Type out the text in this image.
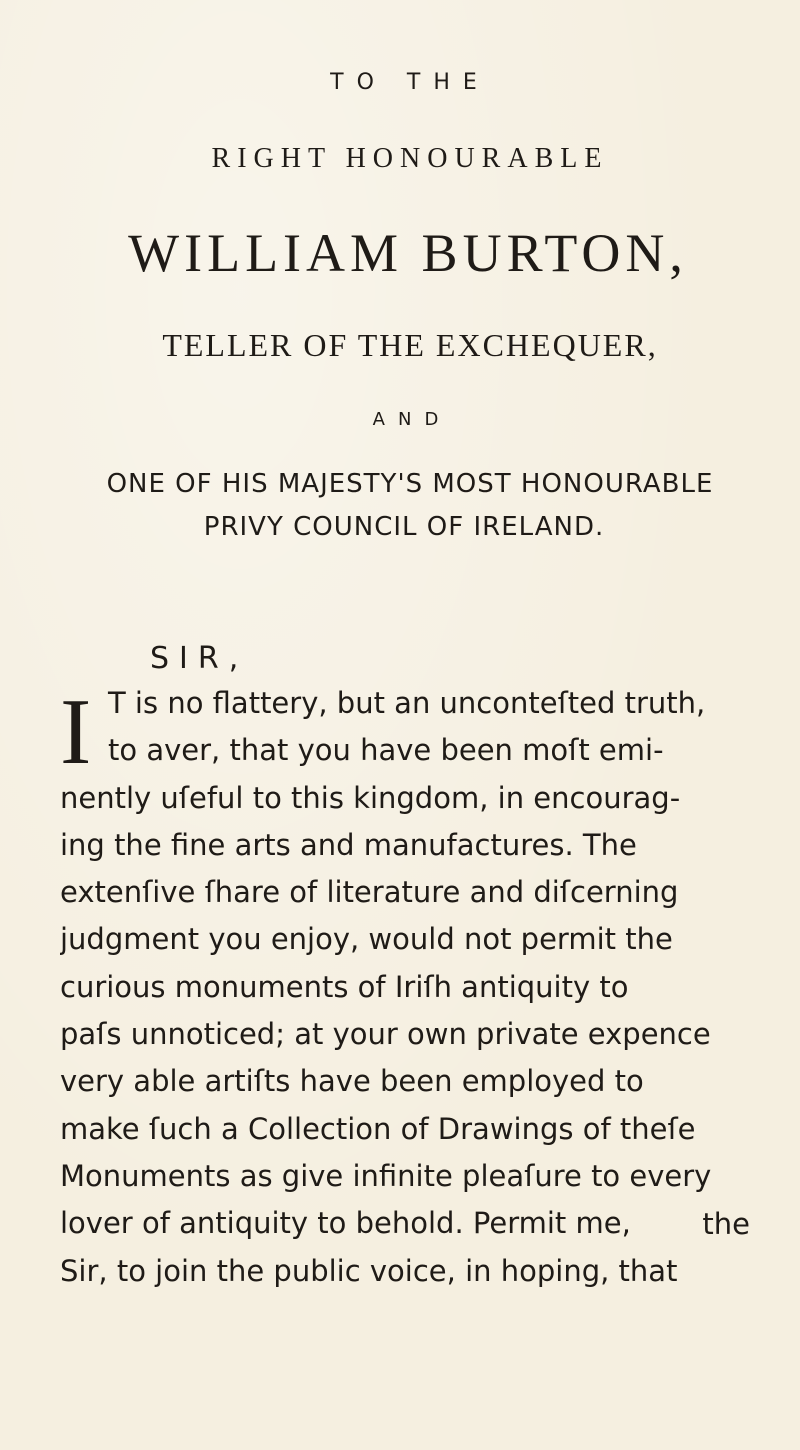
TO THE
RIGHT HONOURABLE
WILLIAM BURTON,
TELLER OF THE EXCHEQUER,
AND
ONE OF HIS MAJESTY'S MOST HONOURABLE
PRIVY COUNCIL OF IRELAND.
SIR,
I T is no flattery, but an unconteſted truth,
to aver, that you have been moſt emi-
nently uſeful to this kingdom, in encourag-
ing the fine arts and manufactures. The
extenſive ſhare of literature and diſcerning
judgment you enjoy, would not permit the
curious monuments of Iriſh antiquity to
paſs unnoticed; at your own private expence
very able artiſts have been employed to
make ſuch a Collection of Drawings of theſe
Monuments as give infinite pleaſure to every
lover of antiquity to behold. Permit me,
Sir, to join the public voice, in hoping, that
the
